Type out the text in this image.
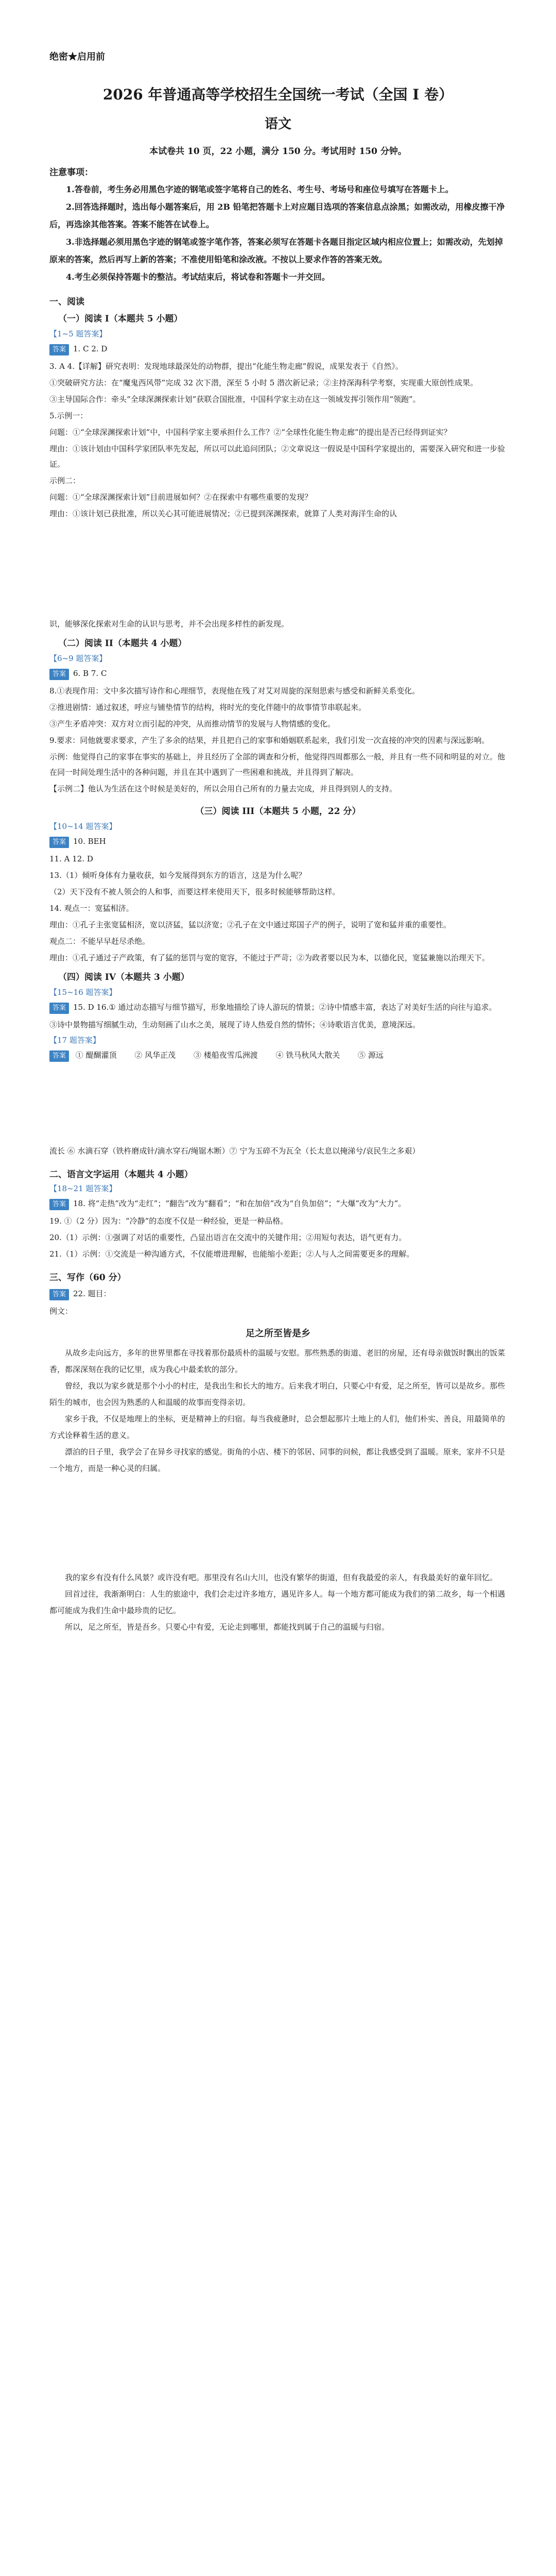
绝密★启用前

2026 年普通高等学校招生全国统一考试（全国 I 卷）

语文

本试卷共 10 页，22 小题，满分 150 分。考试用时 150 分钟。

注意事项：

1.答卷前，考生务必用黑色字迹的钢笔或签字笔将自己的姓名、考生号、考场号和座位号填写在答题卡上。

2.回答选择题时，选出每小题答案后，用 2B 铅笔把答题卡上对应题目选项的答案信息点涂黑；如需改动，用橡皮擦干净后，再选涂其他答案。答案不能答在试卷上。

3.非选择题必须用黑色字迹的钢笔或签字笔作答，答案必须写在答题卡各题目指定区域内相应位置上；如需改动，先划掉原来的答案，然后再写上新的答案；不准使用铅笔和涂改液。不按以上要求作答的答案无效。

4.考生必须保持答题卡的整洁。考试结束后，将试卷和答题卡一并交回。

一、阅读

（一）阅读 I（本题共 5 小题）

【1~5 题答案】

答案 1. C 2. D

3. A 4.【详解】研究表明：发现地球最深处的动物群，提出“化能生物走廊”假说，成果发表于《自然》。

①突破研究方法：在“魔鬼西风带”完成 32 次下潜，深至 5 小时 5 潜次新记录；②主持深海科学考察，实现重大原创性成果。

③主导国际合作：牵头“全球深渊探索计划”获联合国批准，中国科学家主动在这一领域发挥引领作用“领跑”。

5.示例一：

问题：①“全球深渊探索计划”中，中国科学家主要承担什么工作？②“全球性化能生物走廊”的提出是否已经得到证实？

理由：①该计划由中国科学家团队率先发起，所以可以此追问团队；②文章说这一假说是中国科学家提出的，需要深入研究和进一步验证。

示例二：

问题：①“全球深渊探索计划”目前进展如何？②在探索中有哪些重要的发现？

理由：①该计划已获批准，所以关心其可能进展情况；②已提到深渊探索，就算了人类对海洋生命的认

识，能够深化探索对生命的认识与思考，并不会出现多样性的新发现。

（二）阅读 II（本题共 4 小题）

【6~9 题答案】

答案 6. B 7. C

8.①表现作用：文中多次描写诗作和心理细节，表现他在残了对艾对周旋的深刻思索与感受和新鲜关系变化。

②推进剧情：通过叙述，呼应与铺垫情节的结构，将时光的变化伴随中的故事情节串联起来。

③产生矛盾冲突：双方对立而引起的冲突，从而推动情节的发展与人物情感的变化。

9.要求：同他就要求要求，产生了多余的结果，并且把自己的家事和婚姻联系起来，我们引发一次直接的冲突的因素与深远影响。

示例：他觉得自己的家事在事实的基础上，并且经历了全部的调查和分析，他觉得四周都那么一般，并且有一些不同和明显的对立。他在同一时间处理生活中的各种问题，并且在其中遇到了一些困难和挑战，并且得到了解决。

【示例二】他认为生活在这个时候是美好的，所以会用自己所有的力量去完成，并且得到别人的支持。

（三）阅读 III（本题共 5 小题，22 分）

【10~14 题答案】

答案 10. BEH

11. A 12. D

13.（1）倾听身体有力量收获，如今发展得到东方的语言，这是为什么呢？

（2）天下没有不被人领会的人和事，而要这样来使用天下，很多时候能够帮助这样。

14. 观点一：宽猛相济。

理由：①孔子主张宽猛相济，宽以济猛，猛以济宽；②孔子在文中通过郑国子产的例子，说明了宽和猛并重的重要性。

观点二：不能早早赶尽杀绝。

理由：①孔子通过子产政策，有了猛的惩罚与宽的宽容，不能过于严苛；②为政者要以民为本，以德化民，宽猛兼施以治理天下。

（四）阅读 IV（本题共 3 小题）

【15~16 题答案】

答案 15. D 16.① 通过动态描写与细节描写，形象地描绘了诗人游玩的情景；②诗中情感丰富，表达了对美好生活的向往与追求。

③诗中景物描写细腻生动，生动刻画了山水之美，展现了诗人热爱自然的情怀；④诗歌语言优美，意境深远。

【17 题答案】

答案 ① 醍醐灌顶 ② 风华正茂 ③ 楼船夜雪瓜洲渡 ④ 铁马秋风大散关 ⑤ 源远

流长 ⑥ 水滴石穿（铁杵磨成针/滴水穿石/绳锯木断）⑦ 宁为玉碎不为瓦全（长太息以掩涕兮/哀民生之多艰）

二、语言文字运用（本题共 4 小题）

【18~21 题答案】

答案 18. 将“走热”改为“走红”；“翻告”改为“翻看”；“和在加倍”改为“自负加倍”；“大爆”改为“大力”。

19. ①（2 分）因为：“冷静”的态度不仅是一种经验，更是一种品格。

20.（1）示例：①强调了对话的重要性，凸显出语言在交流中的关键作用；②用短句表达，语气更有力。

21.（1）示例：①交流是一种沟通方式，不仅能增进理解，也能缩小差距；②人与人之间需要更多的理解。

三、写作（60 分）

答案 22. 题目：

例文：

足之所至皆是乡

从故乡走向远方，多年的世界里都在寻找着那份最质朴的温暖与安慰。那些熟悉的街道、老旧的房屋，还有母亲做饭时飘出的饭菜香，都深深刻在我的记忆里，成为我心中最柔软的部分。

曾经，我以为家乡就是那个小小的村庄，是我出生和长大的地方。后来我才明白，只要心中有爱，足之所至，皆可以是故乡。那些陌生的城市，也会因为熟悉的人和温暖的故事而变得亲切。

家乡于我，不仅是地理上的坐标，更是精神上的归宿。每当我疲惫时，总会想起那片土地上的人们，他们朴实、善良，用最简单的方式诠释着生活的意义。

漂泊的日子里，我学会了在异乡寻找家的感觉。街角的小店、楼下的邻居、同事的问候，都让我感受到了温暖。原来，家并不只是一个地方，而是一种心灵的归属。

我的家乡有没有什么风景？或许没有吧。那里没有名山大川，也没有繁华的街道，但有我最爱的亲人，有我最美好的童年回忆。

回首过往，我渐渐明白：人生的旅途中，我们会走过许多地方，遇见许多人。每一个地方都可能成为我们的第二故乡，每一个相遇都可能成为我们生命中最珍贵的记忆。

所以，足之所至，皆是吾乡。只要心中有爱，无论走到哪里，都能找到属于自己的温暖与归宿。
